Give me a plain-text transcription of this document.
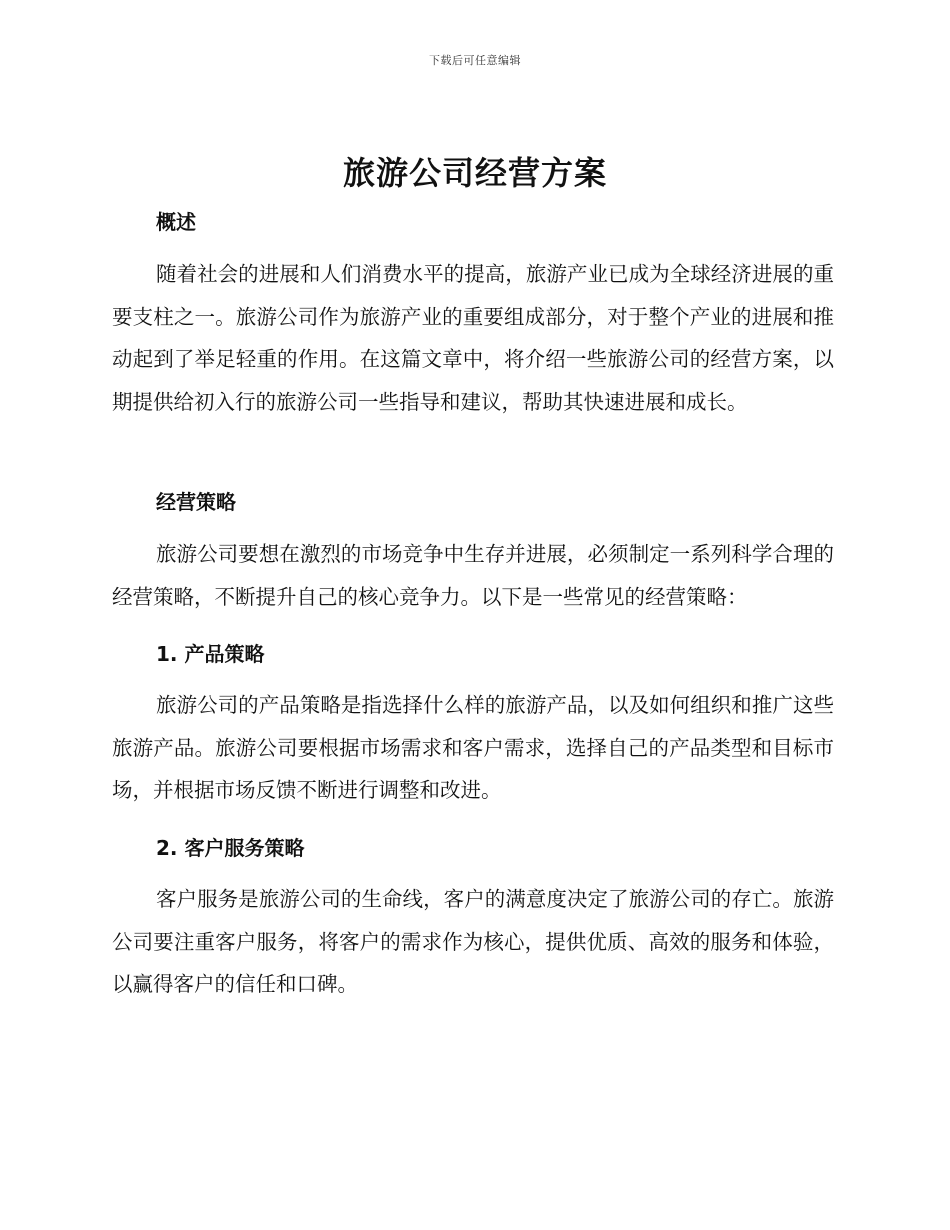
下载后可任意编辑
旅游公司经营方案
概述

随着社会的进展和人们消费水平的提高，旅游产业已成为全球经济进展的重要支柱之一。旅游公司作为旅游产业的重要组成部分，对于整个产业的进展和推动起到了举足轻重的作用。在这篇文章中，将介绍一些旅游公司的经营方案，以期提供给初入行的旅游公司一些指导和建议，帮助其快速进展和成长。

经营策略

旅游公司要想在激烈的市场竞争中生存并进展，必须制定一系列科学合理的经营策略，不断提升自己的核心竞争力。以下是一些常见的经营策略：

1. 产品策略

旅游公司的产品策略是指选择什么样的旅游产品，以及如何组织和推广这些旅游产品。旅游公司要根据市场需求和客户需求，选择自己的产品类型和目标市场，并根据市场反馈不断进行调整和改进。

2. 客户服务策略

客户服务是旅游公司的生命线，客户的满意度决定了旅游公司的存亡。旅游公司要注重客户服务，将客户的需求作为核心，提供优质、高效的服务和体验，以赢得客户的信任和口碑。
